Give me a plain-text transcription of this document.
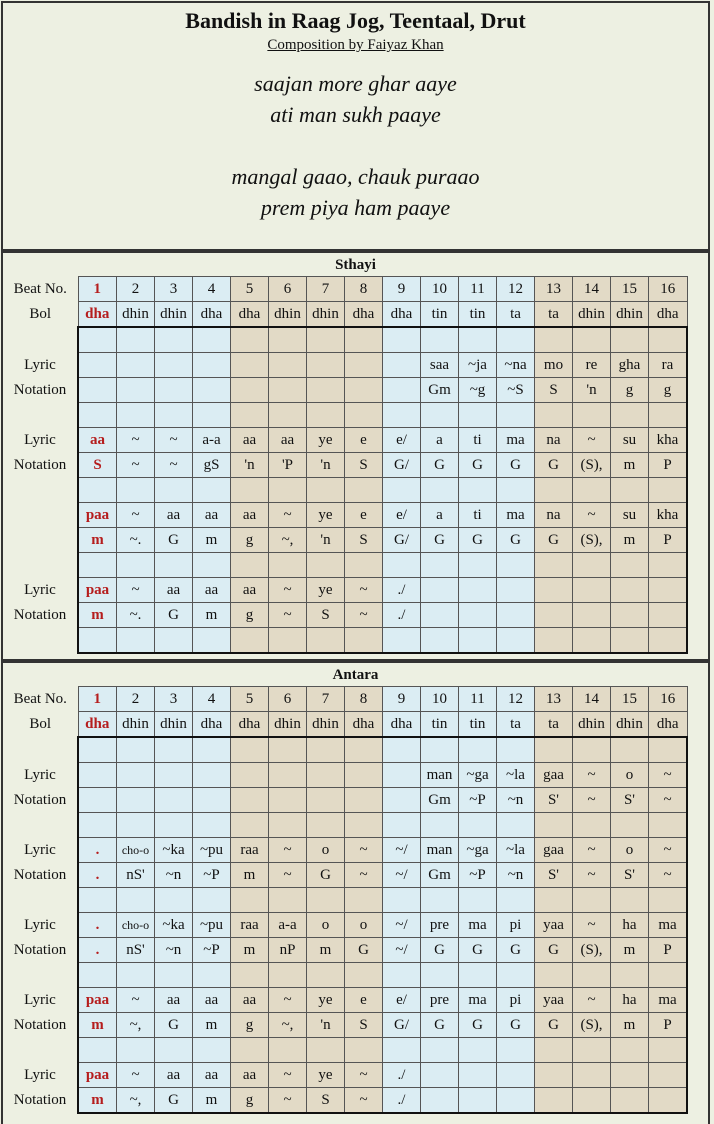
Bandish in Raag Jog, Teentaal, Drut
Composition by Faiyaz Khan
saajan more ghar aaye
ati man sukh paaye
mangal gaao, chauk puraao
prem piya ham paaye
Sthayi
Beat No.	1	2	3	4	5	6	7	8	9	10	11	12	13	14	15	16
Bol	dha	dhin	dhin	dha	dha	dhin	dhin	dha	dha	tin	tin	ta	ta	dhin	dhin	dha

Lyric										saa	~ja	~na	mo	re	gha	ra
Notation										Gm	~g	~S	S	'n	g	g

Lyric	aa	~	~	a-a	aa	aa	ye	e	e/	a	ti	ma	na	~	su	kha
Notation	S	~	~	gS	'n	'P	'n	S	G/	G	G	G	G	(S),	m	P

	paa	~	aa	aa	aa	~	ye	e	e/	a	ti	ma	na	~	su	kha
	m	~.	G	m	g	~,	'n	S	G/	G	G	G	G	(S),	m	P

Lyric	paa	~	aa	aa	aa	~	ye	~	./							
Notation	m	~.	G	m	g	~	S	~	./							

Antara
Beat No.	1	2	3	4	5	6	7	8	9	10	11	12	13	14	15	16
Bol	dha	dhin	dhin	dha	dha	dhin	dhin	dha	dha	tin	tin	ta	ta	dhin	dhin	dha

Lyric										man	~ga	~la	gaa	~	o	~
Notation										Gm	~P	~n	S'	~	S'	~

Lyric	.	cho-o	~ka	~pu	raa	~	o	~	~/	man	~ga	~la	gaa	~	o	~
Notation	.	nS'	~n	~P	m	~	G	~	~/	Gm	~P	~n	S'	~	S'	~

Lyric	.	cho-o	~ka	~pu	raa	a-a	o	o	~/	pre	ma	pi	yaa	~	ha	ma
Notation	.	nS'	~n	~P	m	nP	m	G	~/	G	G	G	G	(S),	m	P

Lyric	paa	~	aa	aa	aa	~	ye	e	e/	pre	ma	pi	yaa	~	ha	ma
Notation	m	~,	G	m	g	~,	'n	S	G/	G	G	G	G	(S),	m	P

Lyric	paa	~	aa	aa	aa	~	ye	~	./							
Notation	m	~,	G	m	g	~	S	~	./							
